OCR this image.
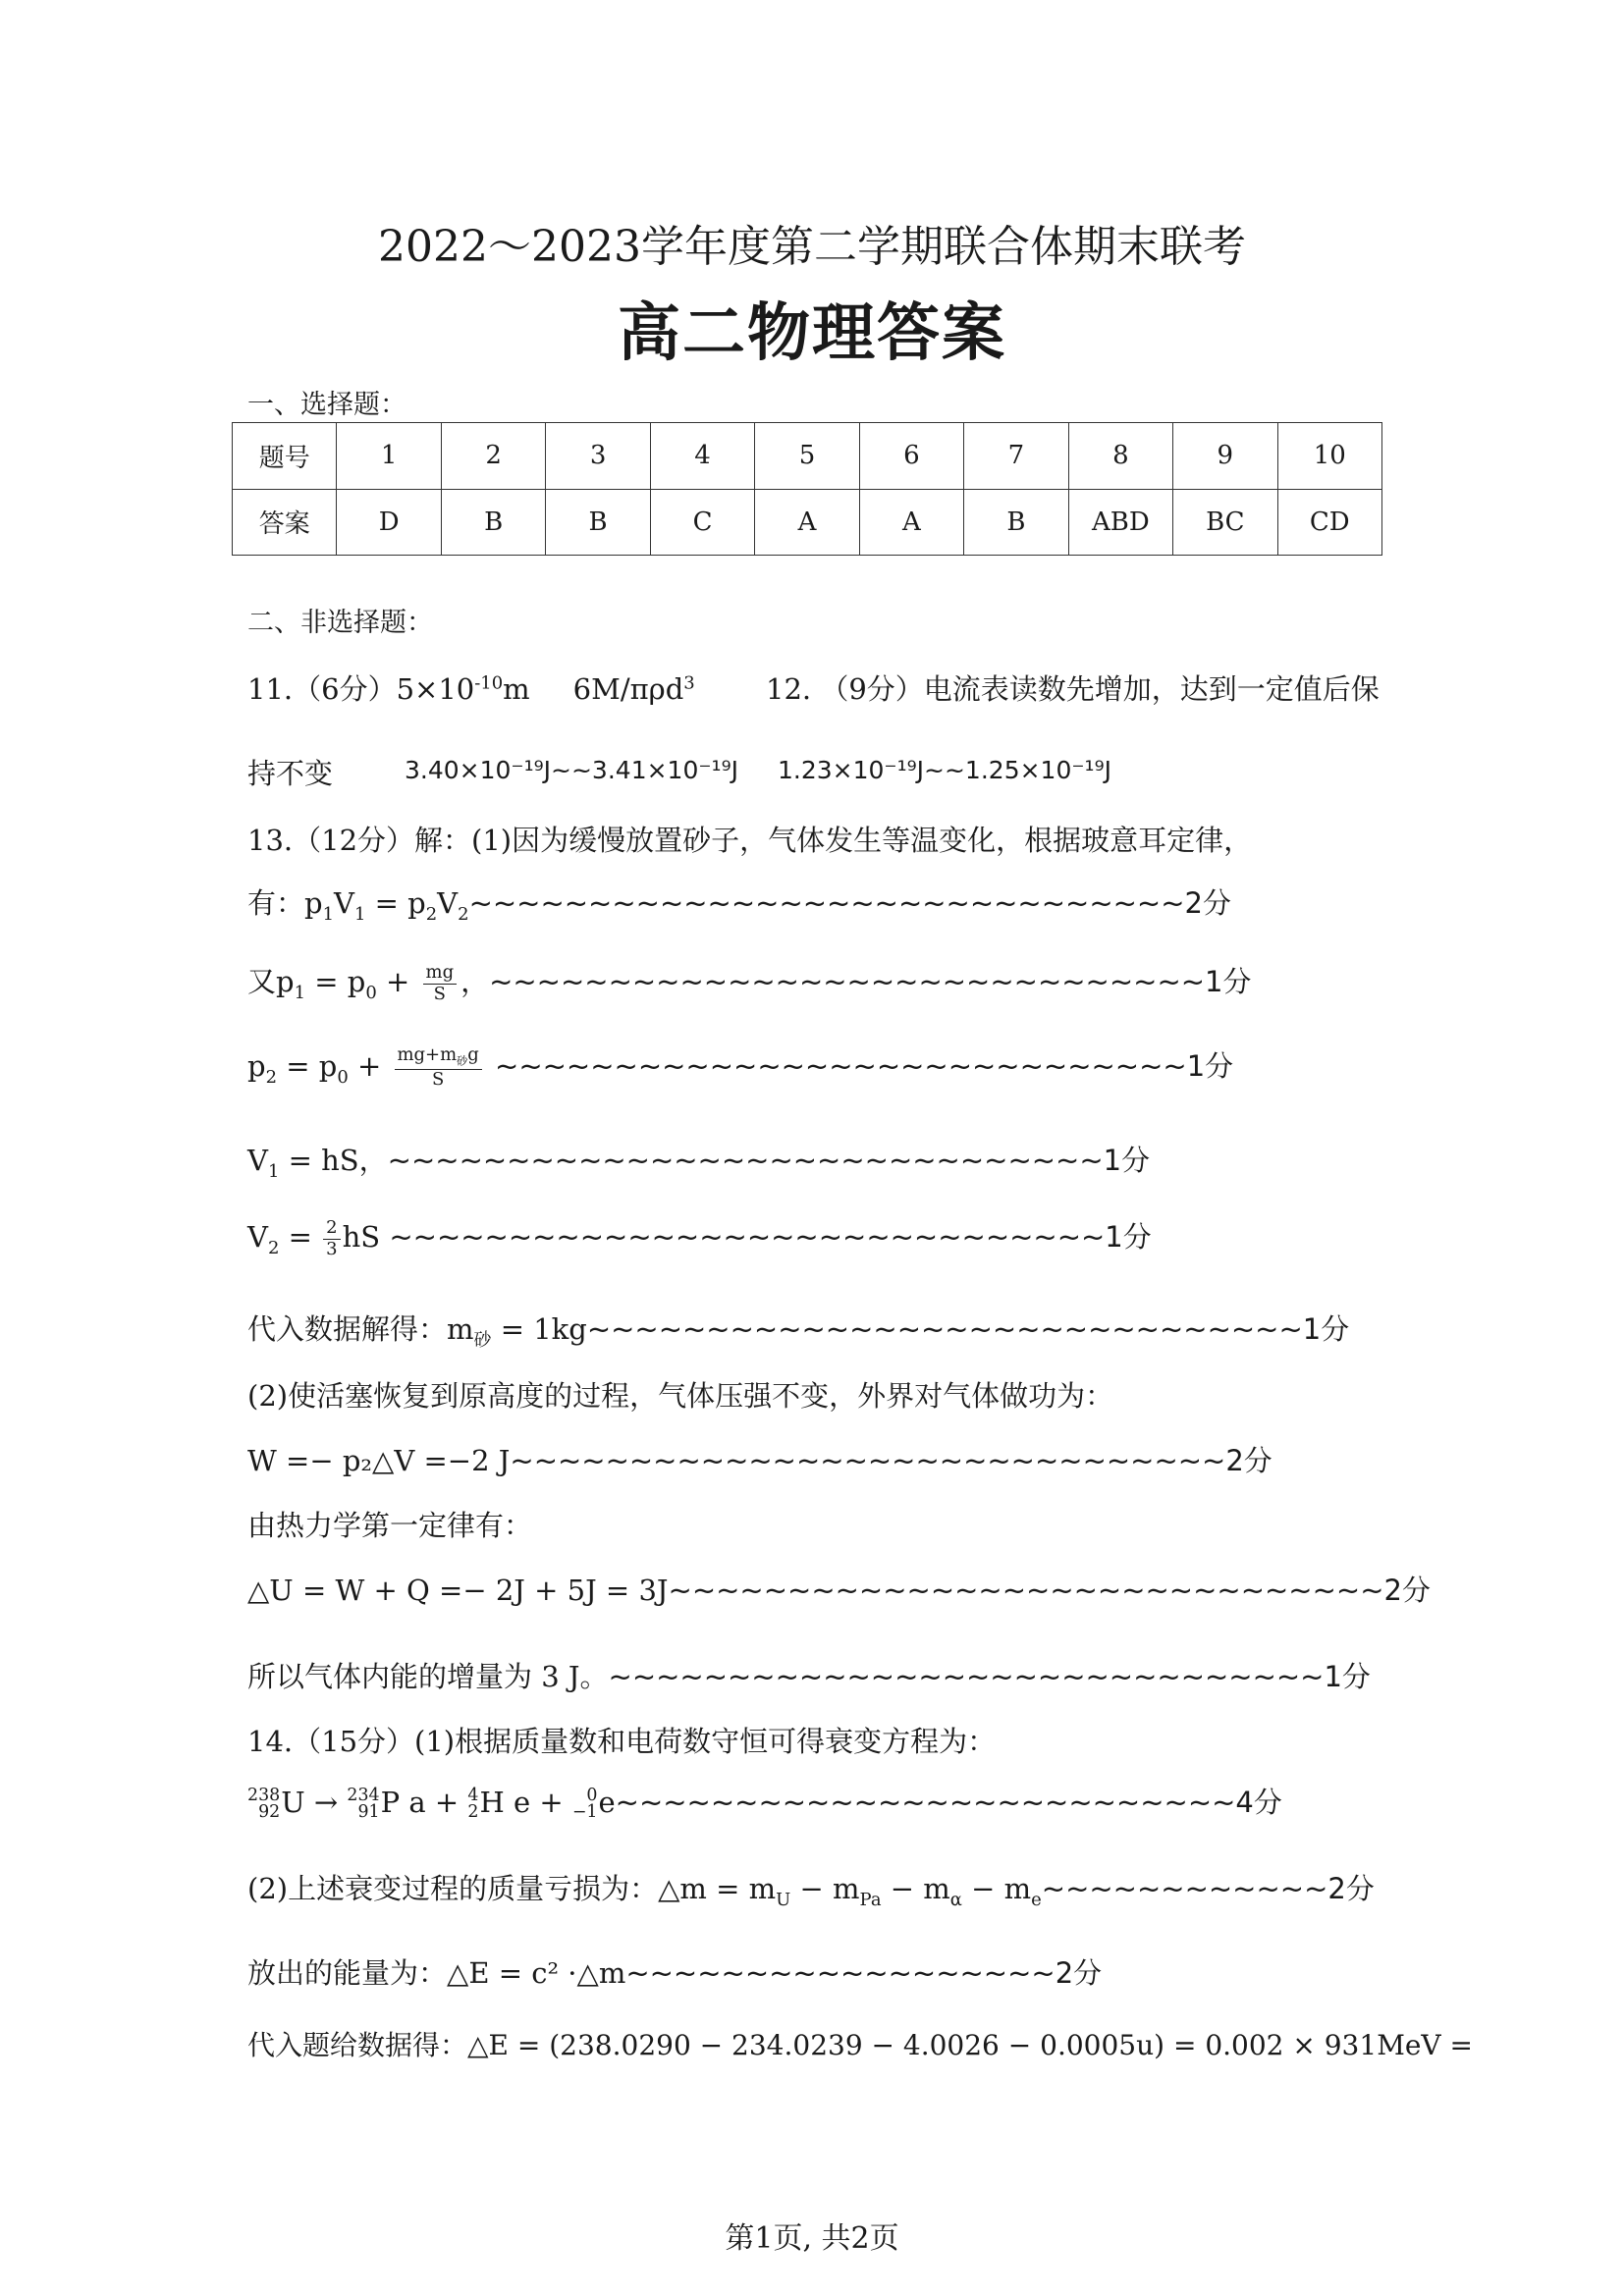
2022～2023学年度第二学期联合体期末联考
高二物理答案
一、选择题：
题号	1	2	3	4	5	6	7	8	9	10
答案	D	B	B	C	A	A	B	ABD	BC	CD
二、非选择题：
11.（6分）$5\times 10^{-10}m$ 6M/πρd$^3$ 12. （9分）电流表读数先增加，达到一定值后保
持不变	3.40×10⁻¹⁹J~~3.41×10⁻¹⁹J 1.23×10⁻¹⁹J~~1.25×10⁻¹⁹J
13.（12分）解：(1)因为缓慢放置砂子，气体发生等温变化，根据玻意耳定律，
有：$p_1V_1$ = $p_2V_2\sim\sim\sim\sim\sim\sim\sim\sim\sim\sim\sim\sim\sim\sim\sim\sim\sim\sim\sim\sim\sim\sim\sim\sim\sim\sim\sim\sim\sim\sim 2$分
又$p_1 = p_0 + \frac{mg}{S}$ ，~~~~~~~~~~~~~~~~~~~~~~~~~~~~~~1分
$p_2 = p_0 + \frac{mg+m_砂g}{S}$ ~~~~~~~~~~~~~~~~~~~~~~~~~~~~~1分
$V_1$ = hS，~~~~~~~~~~~~~~~~~~~~~~~~~~~~~~1分
$V_2 = \frac{2}{3}$ hS ~~~~~~~~~~~~~~~~~~~~~~~~~~~~~~1分
代入数据解得：$m_砂$ = 1kg~~~~~~~~~~~~~~~~~~~~~~~~~~~~~~1分
(2)使活塞恢复到原高度的过程，气体压强不变，外界对气体做功为：
W =− p₂△V =−2 J~~~~~~~~~~~~~~~~~~~~~~~~~~~~~~2分
由热力学第一定律有：
△U = W + Q =− 2J + 5J = 3J~~~~~~~~~~~~~~~~~~~~~~~~~~~~~~2分
所以气体内能的增量为 3 J。~~~~~~~~~~~~~~~~~~~~~~~~~~~~~~1分
14.（15分）(1)根据质量数和电荷数守恒可得衰变方程为：
238
92 U → 234
91 P a + 4
2 H e + 0
−1 e~~~~~~~~~~~~~~~~~~~~~~~~~~4分
(2)上述衰变过程的质量亏损为：△m = $m_U - m_{Pa} - m_\alpha$ − $m_e\sim\sim\sim\sim\sim\sim\sim\sim\sim\sim\sim\sim 2$分
放出的能量为：△E = c² ·△m~~~~~~~~~~~~~~~~~~2分
代入题给数据得：△E = (238.0290 − 234.0239 − 4.0026 − 0.0005u) = 0.002 × 931MeV =
第1页, 共2页
